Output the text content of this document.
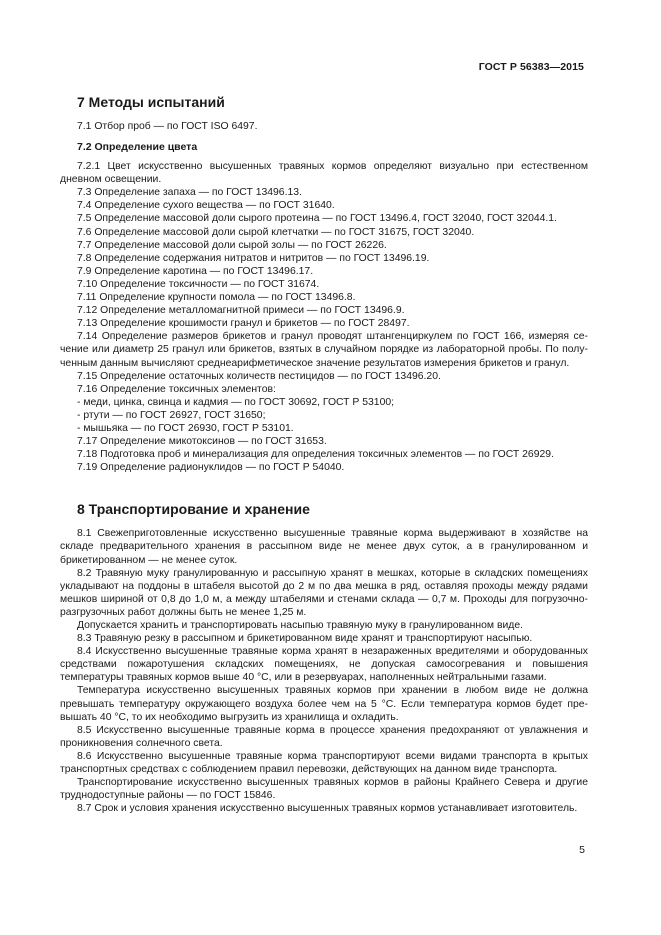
ГОСТ Р 56383—2015
7 Методы испытаний

7.1 Отбор проб — по ГОСТ ISO 6497.

7.2 Определение цвета

7.2.1 Цвет искусственно высушенных травяных кормов определяют визуально при естественном дневном освещении.

7.3 Определение запаха — по ГОСТ 13496.13.

7.4 Определение сухого вещества — по ГОСТ 31640.

7.5 Определение массовой доли сырого протеина — по ГОСТ 13496.4, ГОСТ 32040, ГОСТ 32044.1.

7.6 Определение массовой доли сырой клетчатки — по ГОСТ 31675, ГОСТ 32040.

7.7 Определение массовой доли сырой золы — по ГОСТ 26226.

7.8 Определение содержания нитратов и нитритов — по ГОСТ 13496.19.

7.9 Определение каротина — по ГОСТ 13496.17.

7.10 Определение токсичности — по ГОСТ 31674.

7.11 Определение крупности помола — по ГОСТ 13496.8.

7.12 Определение металломагнитной примеси — по ГОСТ 13496.9.

7.13 Определение крошимости гранул и брикетов — по ГОСТ 28497.

7.14 Определение размеров брикетов и гранул проводят штангенциркулем по ГОСТ 166, измеряя сечение или диаметр 25 гранул или брикетов, взятых в случайном порядке из лабораторной пробы. По полученным данным вычисляют среднеарифметическое значение результатов измерения брикетов и гранул.

7.15 Определение остаточных количеств пестицидов — по ГОСТ 13496.20.

7.16 Определение токсичных элементов:

- меди, цинка, свинца и кадмия — по ГОСТ 30692, ГОСТ Р 53100;

- ртути — по ГОСТ 26927, ГОСТ 31650;

- мышьяка — по ГОСТ 26930, ГОСТ Р 53101.

7.17 Определение микотоксинов — по ГОСТ 31653.

7.18 Подготовка проб и минерализация для определения токсичных элементов — по ГОСТ 26929.

7.19 Определение радионуклидов — по ГОСТ Р 54040.

8 Транспортирование и хранение

8.1 Свежеприготовленные искусственно высушенные травяные корма выдерживают в хозяйстве на складе предварительного хранения в рассыпном виде не менее двух суток, а в гранулированном и брикетированном — не менее суток.

8.2 Травяную муку гранулированную и рассыпную хранят в мешках, которые в складских помещениях укладывают на поддоны в штабеля высотой до 2 м по два мешка в ряд, оставляя проходы между рядами мешков шириной от 0,8 до 1,0 м, а между штабелями и стенами склада — 0,7 м. Проходы для погрузочно-разгрузочных работ должны быть не менее 1,25 м.

Допускается хранить и транспортировать насыпью травяную муку в гранулированном виде.

8.3 Травяную резку в рассыпном и брикетированном виде хранят и транспортируют насыпью.

8.4 Искусственно высушенные травяные корма хранят в незараженных вредителями и оборудованных средствами пожаротушения складских помещениях, не допуская самосогревания и повышения температуры травяных кормов выше 40 °С, или в резервуарах, наполненных нейтральными газами.

Температура искусственно высушенных травяных кормов при хранении в любом виде не должна превышать температуру окружающего воздуха более чем на 5 °С. Если температура кормов будет превышать 40 °С, то их необходимо выгрузить из хранилища и охладить.

8.5 Искусственно высушенные травяные корма в процессе хранения предохраняют от увлажнения и проникновения солнечного света.

8.6 Искусственно высушенные травяные корма транспортируют всеми видами транспорта в крытых транспортных средствах с соблюдением правил перевозки, действующих на данном виде транспорта.

Транспортирование искусственно высушенных травяных кормов в районы Крайнего Севера и другие труднодоступные районы — по ГОСТ 15846.

8.7 Срок и условия хранения искусственно высушенных травяных кормов устанавливает изготовитель.

5
